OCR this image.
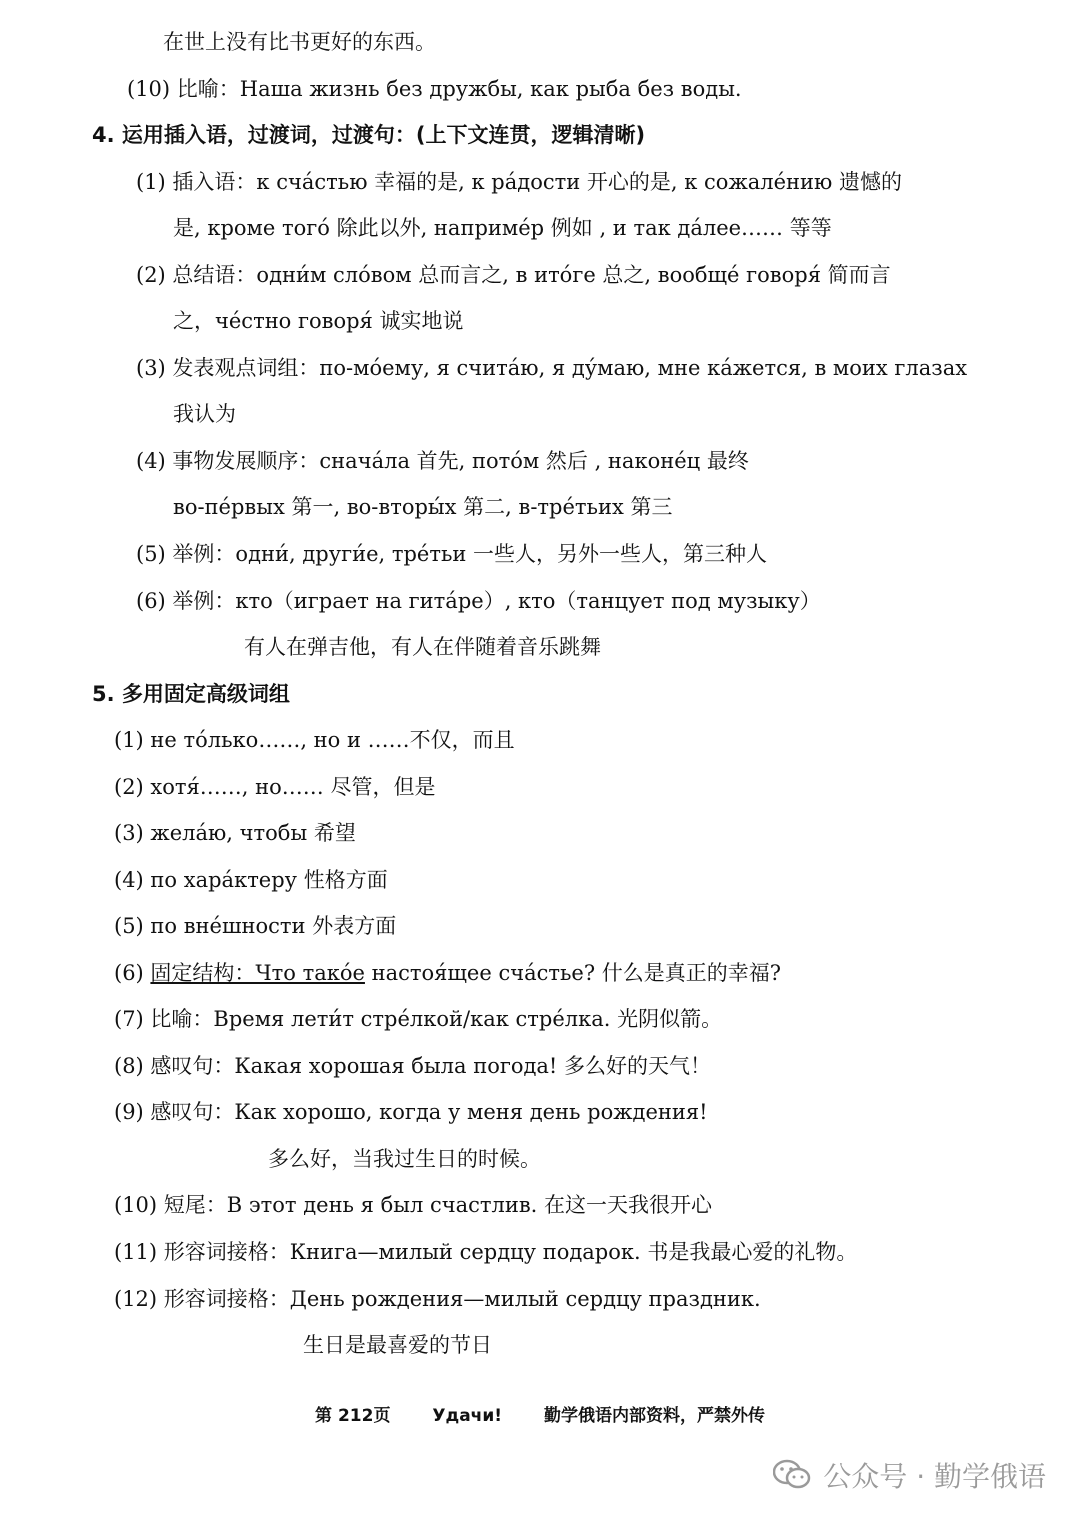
在世上没有比书更好的东西。
(10) 比喻：Наша жизнь без дружбы, как рыба без воды.
4. 运用插入语，过渡词，过渡句：(上下文连贯，逻辑清晰)
(1) 插入语：к сча́стью 幸福的是, к ра́дости 开心的是, к сожале́нию 遗憾的
是, кроме того́ 除此以外, наприме́р 例如 , и так да́лее…… 等等
(2) 总结语：одни́м сло́вом 总而言之, в ито́ге 总之, вообще́ говоря́ 简而言
之，че́стно говоря́ 诚实地说
(3) 发表观点词组：по-мо́ему, я счита́ю, я ду́маю, мне ка́жется, в моих глазах
我认为
(4) 事物发展顺序：снача́ла 首先, пото́м 然后 , наконе́ц 最终
во-пе́рвых 第一, во-вторы́х 第二, в-тре́тьих 第三
(5) 举例：одни́, други́е, тре́тьи 一些人，另外一些人，第三种人
(6) 举例：кто（играет на гита́ре）, кто（танцует под музыку）
有人在弹吉他，有人在伴随着音乐跳舞
5. 多用固定高级词组
(1) не то́лько……, но и ……不仅，而且
(2) хотя́……, но…… 尽管，但是
(3) жела́ю, чтобы 希望
(4) по хара́ктеру 性格方面
(5) по вне́шности 外表方面
(6) 固定结构：Что тако́е настоя́щее сча́стье? 什么是真正的幸福?
(7) 比喻：Время лети́т стре́лкой/как стре́лка. 光阴似箭。
(8) 感叹句：Какая хорошая была погода! 多么好的天气！
(9) 感叹句：Как хорошо, когда у меня день рождения!
多么好，当我过生日的时候。
(10) 短尾：В этот день я был счастлив. 在这一天我很开心
(11) 形容词接格：Книга—милый сердцу подарок. 书是我最心爱的礼物。
(12) 形容词接格：День рождения—милый сердцу праздник.
生日是最喜爱的节日
第 212页 Удачи! 勤学俄语内部资料，严禁外传
公众号 · 勤学俄语
